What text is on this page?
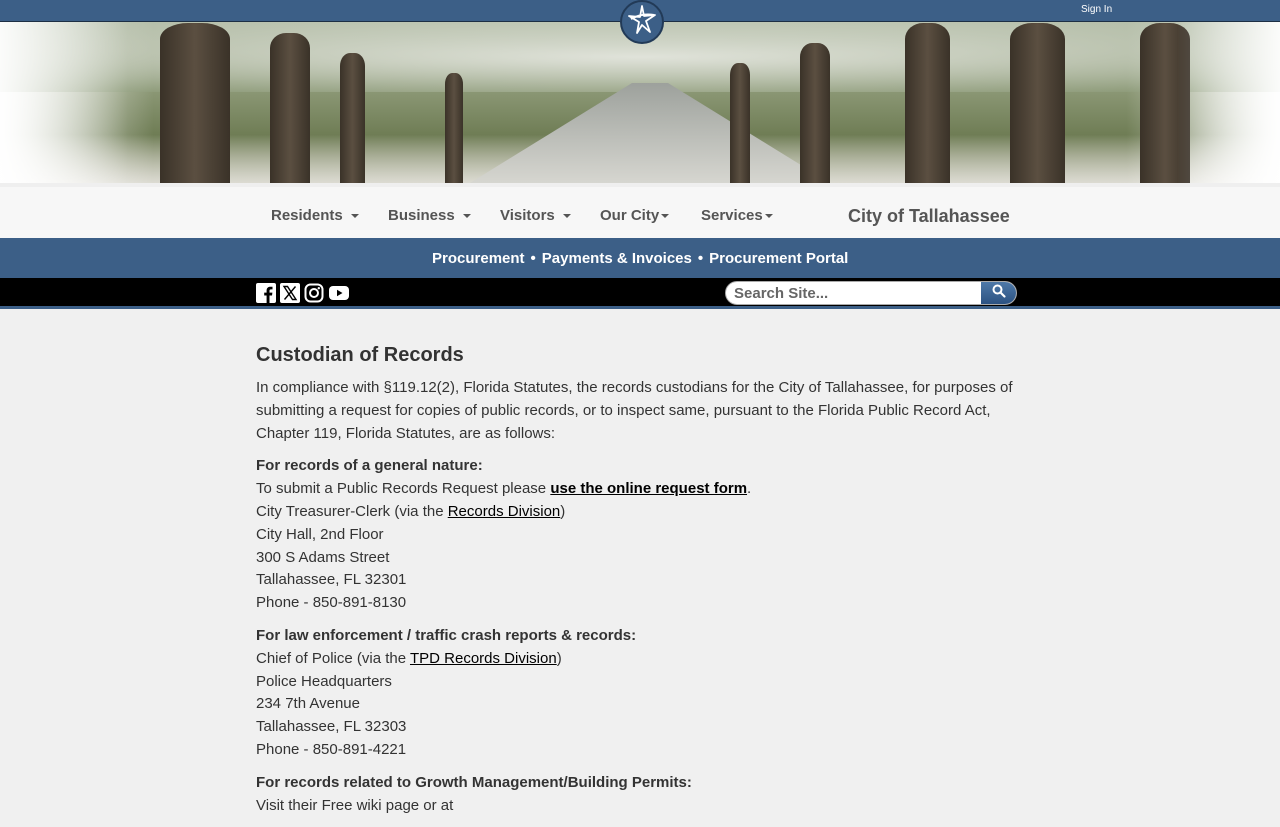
Sign In
Residents	Business	Visitors	Our City	Services	City of Tallahassee
Procurement • Payments & Invoices • Procurement Portal
Search Site...
Custodian of Records

In compliance with §119.12(2), Florida Statutes, the records custodians for the City of Tallahassee, for purposes of submitting a request for copies of public records, or to inspect same, pursuant to the Florida Public Record Act, Chapter 119, Florida Statutes, are as follows:

For records of a general nature:

To submit a Public Records Request please use the online request form.

City Treasurer-Clerk (via the Records Division)

City Hall, 2nd Floor

300 S Adams Street

Tallahassee, FL 32301

Phone - 850-891-8130

For law enforcement / traffic crash reports & records:

Chief of Police (via the TPD Records Division)

Police Headquarters

234 7th Avenue

Tallahassee, FL 32303

Phone - 850-891-4221

For records related to Growth Management/Building Permits:

Visit their Free wiki page or at
